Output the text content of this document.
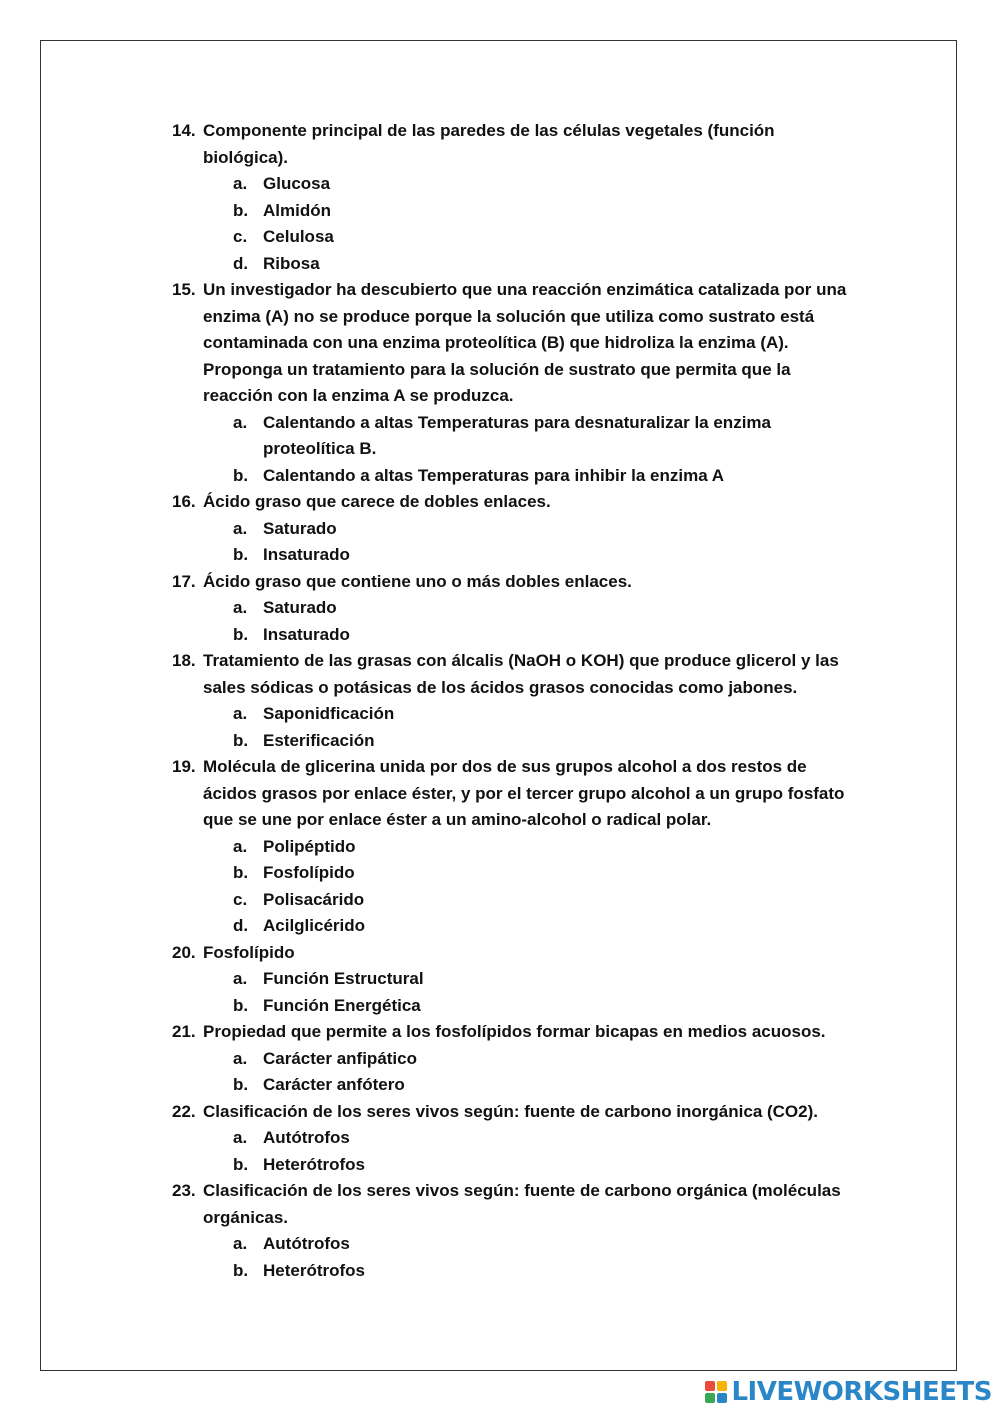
14. Componente principal de las paredes de las células vegetales (función biológica).
a. Glucosa
b. Almidón
c. Celulosa
d. Ribosa
15. Un investigador ha descubierto que una reacción enzimática catalizada por una enzima (A) no se produce porque la solución que utiliza como sustrato está contaminada con una enzima proteolítica (B) que hidroliza la enzima (A). Proponga un tratamiento para la solución de sustrato que permita que la reacción con la enzima A se produzca.
a. Calentando a altas Temperaturas para desnaturalizar la enzima proteolítica B.
b. Calentando a altas Temperaturas para inhibir la enzima A
16. Ácido graso que carece de dobles enlaces.
a. Saturado
b. Insaturado
17. Ácido graso que contiene uno o más dobles enlaces.
a. Saturado
b. Insaturado
18. Tratamiento de las grasas con álcalis (NaOH o KOH) que produce glicerol y las sales sódicas o potásicas de los ácidos grasos conocidas como jabones.
a. Saponidficación
b. Esterificación
19. Molécula de glicerina unida por dos de sus grupos alcohol a dos restos de ácidos grasos por enlace éster, y por el tercer grupo alcohol a un grupo fosfato que se une por enlace éster a un amino-alcohol o radical polar.
a. Polipéptido
b. Fosfolípido
c. Polisacárido
d. Acilglicérido
20. Fosfolípido
a. Función Estructural
b. Función Energética
21. Propiedad que permite a los fosfolípidos formar bicapas en medios acuosos.
a. Carácter anfipático
b. Carácter anfótero
22. Clasificación de los seres vivos según: fuente de carbono inorgánica (CO2).
a. Autótrofos
b. Heterótrofos
23. Clasificación de los seres vivos según: fuente de carbono orgánica (moléculas orgánicas.
a. Autótrofos
b. Heterótrofos
LIVEWORKSHEETS
